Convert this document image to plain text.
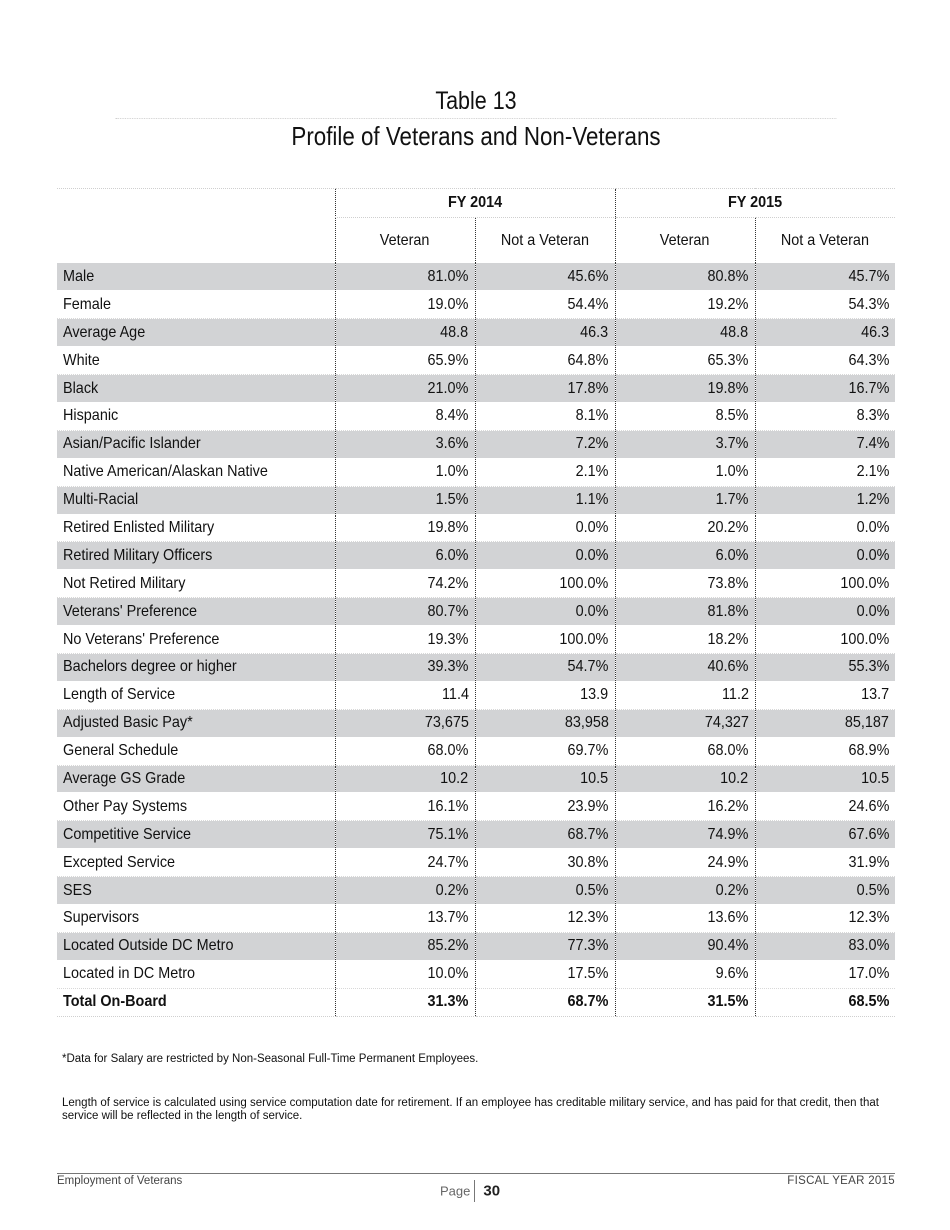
Table 13
Profile of Veterans and Non-Veterans
	FY 2014		FY 2015	
	Veteran	Not a Veteran	Veteran	Not a Veteran
Male	81.0%	45.6%	80.8%	45.7%
Female	19.0%	54.4%	19.2%	54.3%
Average Age	48.8	46.3	48.8	46.3
White	65.9%	64.8%	65.3%	64.3%
Black	21.0%	17.8%	19.8%	16.7%
Hispanic	8.4%	8.1%	8.5%	8.3%
Asian/Pacific Islander	3.6%	7.2%	3.7%	7.4%
Native American/Alaskan Native	1.0%	2.1%	1.0%	2.1%
Multi-Racial	1.5%	1.1%	1.7%	1.2%
Retired Enlisted Military	19.8%	0.0%	20.2%	0.0%
Retired Military Officers	6.0%	0.0%	6.0%	0.0%
Not Retired Military	74.2%	100.0%	73.8%	100.0%
Veterans' Preference	80.7%	0.0%	81.8%	0.0%
No Veterans' Preference	19.3%	100.0%	18.2%	100.0%
Bachelors degree or higher	39.3%	54.7%	40.6%	55.3%
Length of Service	11.4	13.9	11.2	13.7
Adjusted Basic Pay*	73,675	83,958	74,327	85,187
General Schedule	68.0%	69.7%	68.0%	68.9%
Average GS Grade	10.2	10.5	10.2	10.5
Other Pay Systems	16.1%	23.9%	16.2%	24.6%
Competitive Service	75.1%	68.7%	74.9%	67.6%
Excepted Service	24.7%	30.8%	24.9%	31.9%
SES	0.2%	0.5%	0.2%	0.5%
Supervisors	13.7%	12.3%	13.6%	12.3%
Located Outside DC Metro	85.2%	77.3%	90.4%	83.0%
Located in DC Metro	10.0%	17.5%	9.6%	17.0%
Total On-Board	31.3%	68.7%	31.5%	68.5%
*Data for Salary are restricted by Non-Seasonal Full-Time Permanent Employees.
Length of service is calculated using service computation date for retirement. If an employee has creditable military service, and has paid for that credit, then that service will be reflected in the length of service.
Employment of Veterans
Page 30
FISCAL YEAR 2015
